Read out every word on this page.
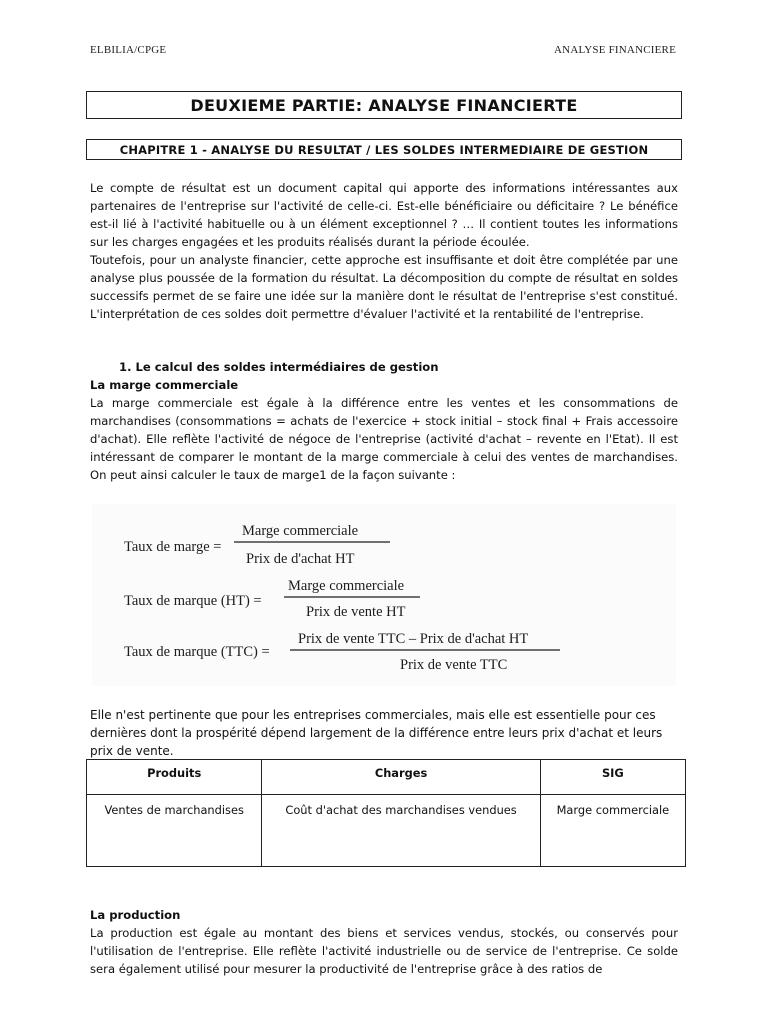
ELBILIA/CPGE	ANALYSE FINANCIERE
DEUXIEME PARTIE: ANALYSE FINANCIERTE
CHAPITRE 1 - ANALYSE DU RESULTAT / LES SOLDES INTERMEDIAIRE DE GESTION
Le compte de résultat est un document capital qui apporte des informations intéressantes aux partenaires de l'entreprise sur l'activité de celle-ci. Est-elle bénéficiaire ou déficitaire ? Le bénéfice est-il lié à l'activité habituelle ou à un élément exceptionnel ? … Il contient toutes les informations sur les charges engagées et les produits réalisés durant la période écoulée.
Toutefois, pour un analyste financier, cette approche est insuffisante et doit être complétée par une analyse plus poussée de la formation du résultat. La décomposition du compte de résultat en soldes successifs permet de se faire une idée sur la manière dont le résultat de l'entreprise s'est constitué. L'interprétation de ces soldes doit permettre d'évaluer l'activité et la rentabilité de l'entreprise.
1. Le calcul des soldes intermédiaires de gestion
La marge commerciale
La marge commerciale est égale à la différence entre les ventes et les consommations de marchandises (consommations = achats de l'exercice + stock initial – stock final + Frais accessoire d'achat). Elle reflète l'activité de négoce de l'entreprise (activité d'achat – revente en l'Etat). Il est intéressant de comparer le montant de la marge commerciale à celui des ventes de marchandises. On peut ainsi calculer le taux de marge1 de la façon suivante :
Taux de marge =
Marge commerciale
Prix de d'achat HT
Taux de marque (HT) =
Marge commerciale
Prix de vente HT
Taux de marque (TTC) =
Prix de vente TTC – Prix de d'achat HT
Prix de vente TTC
Elle n'est pertinente que pour les entreprises commerciales, mais elle est essentielle pour ces dernières dont la prospérité dépend largement de la différence entre leurs prix d'achat et leurs prix de vente.
Produits	Charges	SIG
Ventes de marchandises	Coût d'achat des marchandises vendues	Marge commerciale
La production
La production est égale au montant des biens et services vendus, stockés, ou conservés pour l'utilisation de l'entreprise. Elle reflète l'activité industrielle ou de service de l'entreprise. Ce solde sera également utilisé pour mesurer la productivité de l'entreprise grâce à des ratios de
